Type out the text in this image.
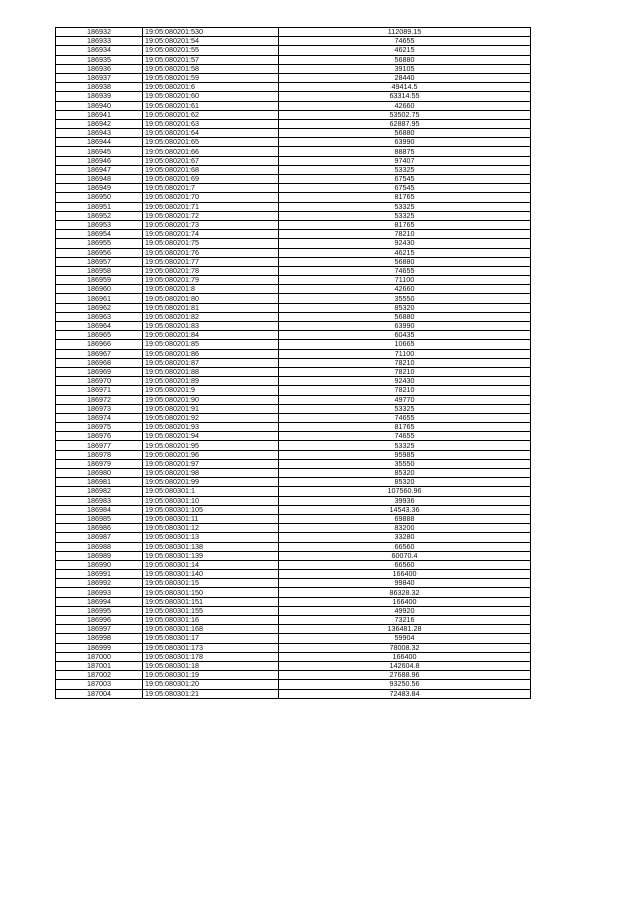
186932	19:05:080201:530	112089.15
186933	19:05:080201:54	74655
186934	19:05:080201:55	46215
186935	19:05:080201:57	56880
186936	19:05:080201:58	39105
186937	19:05:080201:59	28440
186938	19:05:080201:6	49414.5
186939	19:05:080201:60	63314.55
186940	19:05:080201:61	42660
186941	19:05:080201:62	53502.75
186942	19:05:080201:63	62887.95
186943	19:05:080201:64	56880
186944	19:05:080201:65	63990
186945	19:05:080201:66	88875
186946	19:05:080201:67	97407
186947	19:05:080201:68	53325
186948	19:05:080201:69	67545
186949	19:05:080201:7	67545
186950	19:05:080201:70	81765
186951	19:05:080201:71	53325
186952	19:05:080201:72	53325
186953	19:05:080201:73	81765
186954	19:05:080201:74	78210
186955	19:05:080201:75	92430
186956	19:05:080201:76	46215
186957	19:05:080201:77	56880
186958	19:05:080201:78	74655
186959	19:05:080201:79	71100
186960	19:05:080201:8	42660
186961	19:05:080201:80	35550
186962	19:05:080201:81	85320
186963	19:05:080201:82	56880
186964	19:05:080201:83	63990
186965	19:05:080201:84	60435
186966	19:05:080201:85	10665
186967	19:05:080201:86	71100
186968	19:05:080201:87	78210
186969	19:05:080201:88	78210
186970	19:05:080201:89	92430
186971	19:05:080201:9	78210
186972	19:05:080201:90	49770
186973	19:05:080201:91	53325
186974	19:05:080201:92	74655
186975	19:05:080201:93	81765
186976	19:05:080201:94	74655
186977	19:05:080201:95	53325
186978	19:05:080201:96	95985
186979	19:05:080201:97	35550
186980	19:05:080201:98	85320
186981	19:05:080201:99	85320
186982	19:05:080301:1	107560.96
186983	19:05:080301:10	39936
186984	19:05:080301:105	14543.36
186985	19:05:080301:11	69888
186986	19:05:080301:12	83200
186987	19:05:080301:13	33280
186988	19:05:080301:138	66560
186989	19:05:080301:139	60070.4
186990	19:05:080301:14	66560
186991	19:05:080301:140	166400
186992	19:05:080301:15	99840
186993	19:05:080301:150	86328.32
186994	19:05:080301:151	166400
186995	19:05:080301:155	49920
186996	19:05:080301:16	73216
186997	19:05:080301:168	136481.28
186998	19:05:080301:17	59904
186999	19:05:080301:173	78008.32
187000	19:05:080301:178	166400
187001	19:05:080301:18	142604.8
187002	19:05:080301:19	27688.96
187003	19:05:080301:20	93250.56
187004	19:05:080301:21	72483.84
